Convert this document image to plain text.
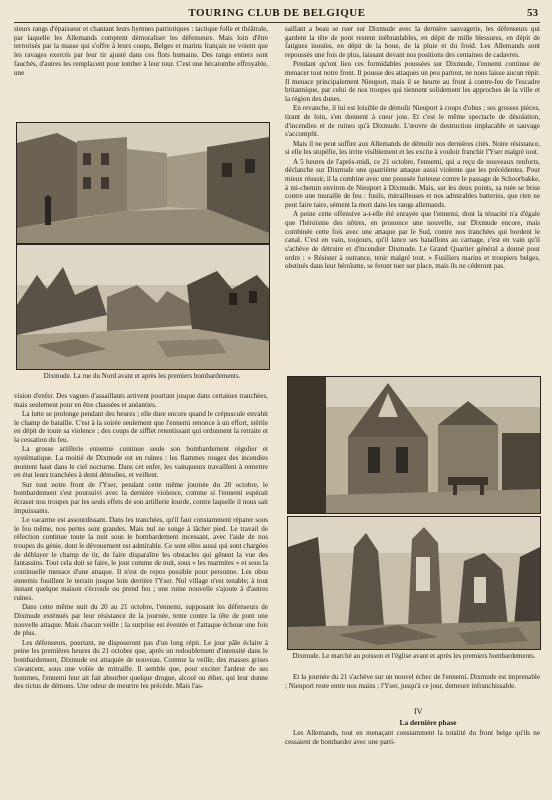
TOURING CLUB DE BELGIQUE	53

sieurs rangs d'épaisseur et chantant leurs hymnes patriotiques : tactique folle et théâtrale, par laquelle les Allemands comptent démoraliser les défenseurs. Mais loin d'être terrorisés par la masse qui s'offre à leurs coups, Belges et marins français ne voient que les ravages exercés par leur tir ajusté dans ces flots humains. Des rangs entiers sont fauchés, d'autres les remplacent pour tomber à leur tour. C'est une hécatombe effroyable, une

Dixmude. La rue du Nord avant et après les premiers bombardements.

vision d'enfer. Des vagues d'assaillants arrivent pourtant jusque dans certaines tranchées, mais seulement pour en être chassées et anéanties.

La lutte se prolonge pendant des heures ; elle dure encore quand le crépuscule envahit le champ de bataille. C'est à la soirée seulement que l'ennemi renonce à un effort, stérile en dépit de toute sa violence ; des coups de sifflet retentissant qui ordonnent la retraite et la cessation du feu.

La grosse artillerie ennemie continue seule son bombardement régulier et systématique. La moitié de Dixmude est en ruines : les flammes rouges des incendies montent haut dans le ciel nocturne. Dans cet enfer, les vainqueurs travaillent à remettre en état leurs tranchées à demi démolies, et veillent.

Sur tout notre front de l'Yser, pendant cette même journée du 20 octobre, le bombardement s'est poursuivi avec la dernière violence, comme si l'ennemi espérait écraser nos troupes par les seuls effets de son artillerie lourde, contre laquelle il nous sait impuissants.

Le vacarme est assourdissant. Dans les tranchées, qu'il faut constamment réparer sous le feu même, nos pertes sont grandes. Mais nul ne songe à lâcher pied. Le travail de réfection continue toute la nuit sous le bombardement incessant, avec l'aide de nos troupes du génie, dont le dévouement est admirable. Ce sont elles aussi qui sont chargées de déblayer le champ de tir, de faire disparaître les obstacles qui gênent la vue des fantassins. Tout cela doit se faire, le jour comme de nuit, sous « les marmites » et sous la continuelle menace d'une attaque. Il n'est de repos possible pour personne. Les obus ennemis fouillent le terrain jusque loin derrière l'Yser. Nul village n'est tenable; à tout instant quelque maison s'écroule ou prend feu ; une ruine nouvelle s'ajoute à d'autres ruines.

Dans cette même nuit du 20 au 21 octobre, l'ennemi, supposant les défenseurs de Dixmude exténués par leur résistance de la journée, tente contre la tête de pont une nouvelle attaque. Mais chacun veille ; la surprise est éventée et l'attaque échoue une fois de plus.

Les défenseurs, pourtant, ne disposeront pas d'un long répit. Le jour pâle éclaire à peine les premières heures du 21 octobre que, après un redoublement d'intensité dans le bombardement, Dixmude est attaquée de nouveau. Comme la veille, des masses grises s'avancent, sous une volée de mitraille. Il semble que, pour exciter l'ardeur de ses hommes, l'ennemi leur ait fait absorber quelque drogue, alcool ou éther, qui leur donne des rictus de démons. Une odeur de meurtre les précède. Mais l'as-

saillant a beau se ruer sur Dixmude avec la dernière sauvagerie, les défenseurs qui gardent la tête de pont restent inébranlables, en dépit de mille blessures, en dépit de fatigues inouïes, en dépit de la boue, de la pluie et du froid. Les Allemands sont repoussés une fois de plus, laissant devant nos positions des centaines de cadavres.

Pendant qu'ont lieu ces formidables poussées sur Dixmude, l'ennemi continue de menacer tout notre front. Il pousse des attaques un peu partout, ne nous laisse aucun répit. Il menace principalement Nieuport, mais il se heurte au front à contre-feu de l'escadre britannique, par celui de nos troupes qui tiennent solidement les approches de la ville et la région des dunes.

En revanche, il lui est loisible de démolir Nieuport à coups d'obus ; ses grosses pièces, tirant de loin, s'en donnent à cœur joie. Et c'est le même spectacle de désolation, d'incendies et de ruines qu'à Dixmude. L'œuvre de destruction implacable et sauvage s'accomplit.

Mais il ne peut suffire aux Allemands de démolir nos dernières cités. Notre résistance, si elle les stupéfie, les irrite visiblement et les excite à vouloir franchir l'Yser malgré tout.

A 5 heures de l'après-midi, ce 21 octobre, l'ennemi, qui a reçu de nouveaux renforts, déclanche sur Dixmude une quatrième attaque aussi violente que les précédentes. Pour mieux réussir, il la combine avec une poussée furieuse contre le passage de Schoorbakke, à mi-chemin environ de Nieuport à Dixmude. Mais, sur les deux points, sa ruée se brise contre une muraille de feu : fusils, mitrailleuses et nos admirables batteries, que rien ne peut faire taire, sèment la mort dans les rangs allemands.

A peine cette offensive a-t-elle été enrayée que l'ennemi, dont la ténacité n'a d'égale que l'héroïsme des nôtres, en prononce une nouvelle, sur Dixmude encore, mais combinée cette fois avec une attaque par le Sud, contre nos tranchées qui bordent le canal. C'est en vain, toujours, qu'il lance ses bataillons au carnage, c'est en vain qu'il s'achève de détruire et d'incendier Dixmude. Le Grand Quartier général a donné pour ordre : « Résister à outrance, tenir malgré tout. » Fusiliers marins et troupiers belges, obstinés dans leur héroïsme, se feront tuer sur place, mais ils ne céderont pas.

Dixmude. Le marché au poisson et l'église avant et après les premiers bombardements.

Et la journée du 21 s'achève sur un nouvel échec de l'ennemi. Dixmude est imprenable ; Nieuport reste entre nos mains ; l'Yser, jusqu'à ce jour, demeure infranchissable.

IV
La dernière phase

Les Allemands, tout en menaçant constamment la totalité du front belge qu'ils ne cessaient de bombarder avec une parti-
